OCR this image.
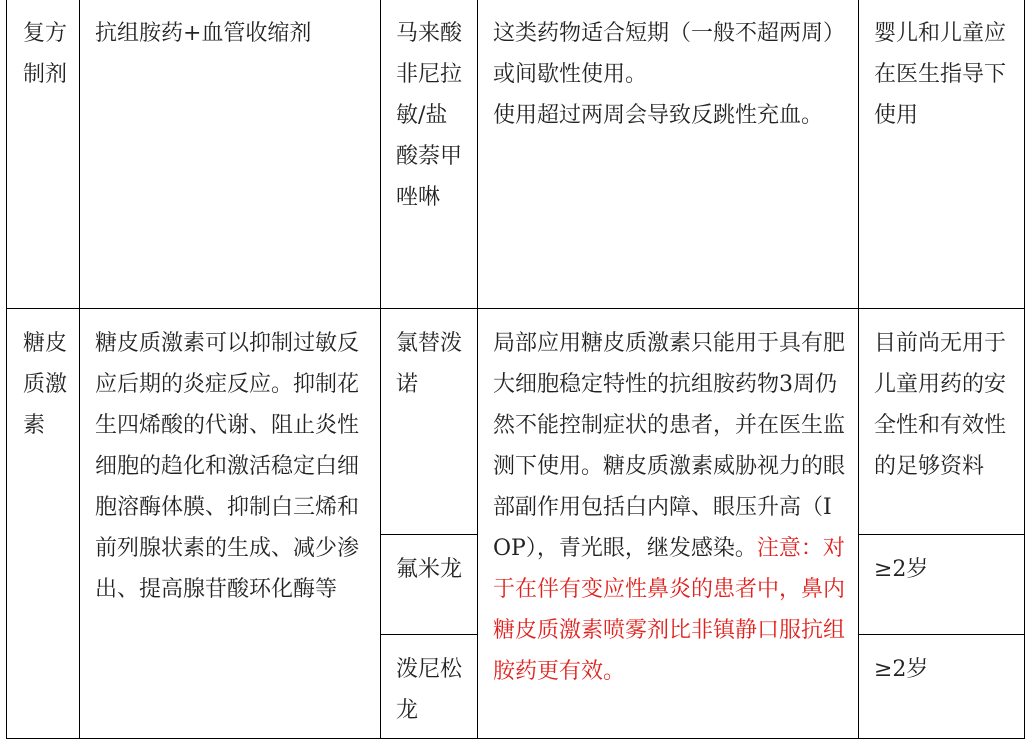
复方制剂	抗组胺药+血管收缩剂	马来酸非尼拉敏/盐酸萘甲唑啉	这类药物适合短期（一般不超两周）或间歇性使用。
使用超过两周会导致反跳性充血。	婴儿和儿童应在医生指导下使用
糖皮质激素	糖皮质激素可以抑制过敏反应后期的炎症反应。抑制花生四烯酸的代谢、阻止炎性细胞的趋化和激活稳定白细胞溶酶体膜、抑制白三烯和前列腺状素的生成、减少渗出、提高腺苷酸环化酶等	氯替泼诺	局部应用糖皮质激素只能用于具有肥大细胞稳定特性的抗组胺药物3周仍然不能控制症状的患者，并在医生监测下使用。糖皮质激素威胁视力的眼部副作用包括白内障、眼压升高（IOP），青光眼，继发感染。注意：对于在伴有变应性鼻炎的患者中，鼻内糖皮质激素喷雾剂比非镇静口服抗组胺药更有效。	目前尚无用于儿童用药的安全性和有效性的足够资料
		氟米龙		≥2岁
		泼尼松龙		≥2岁
